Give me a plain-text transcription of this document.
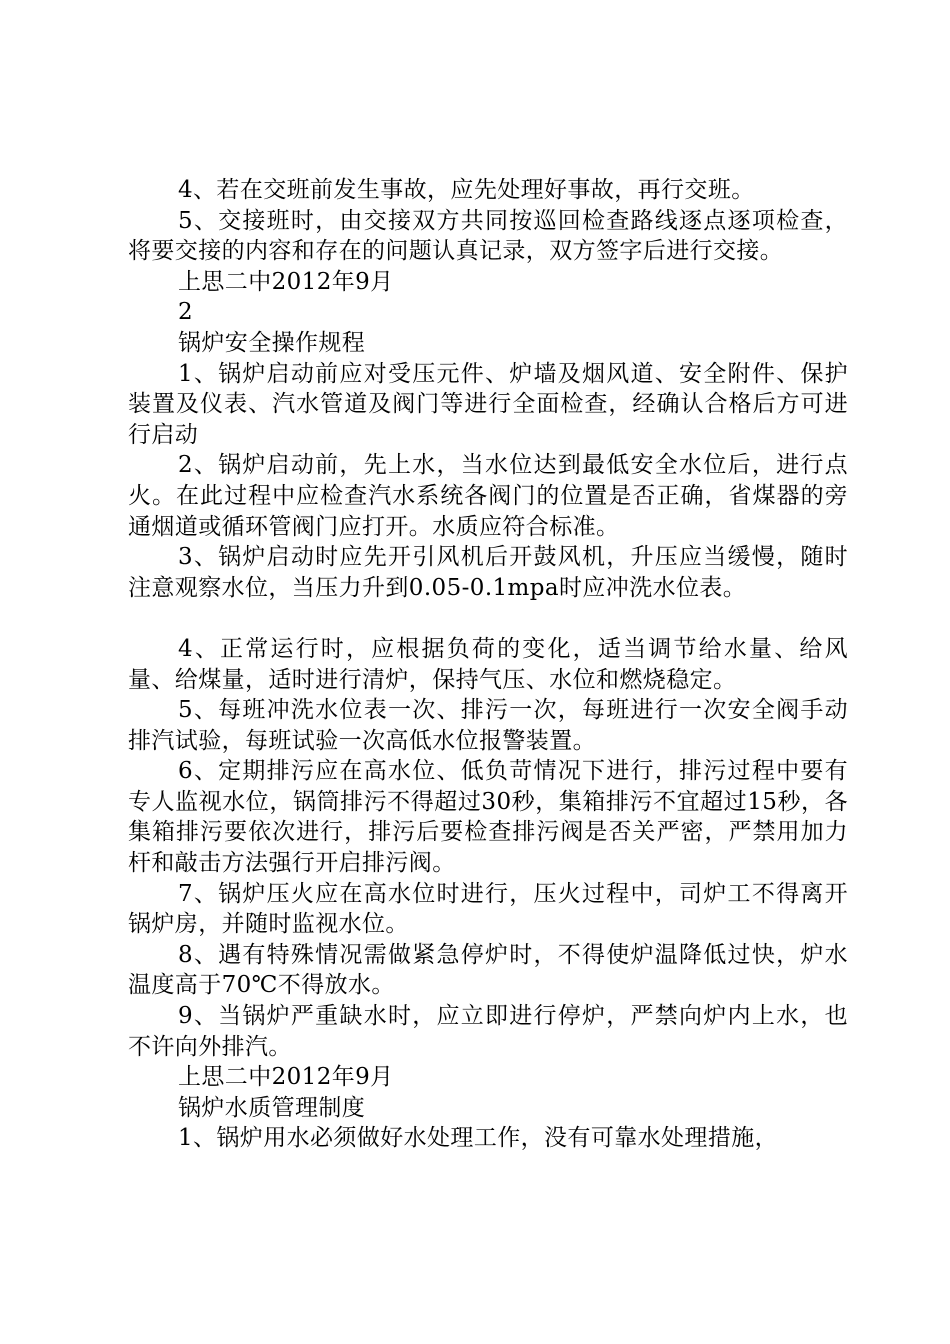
4、若在交班前发生事故，应先处理好事故，再行交班。

5、交接班时，由交接双方共同按巡回检查路线逐点逐项检查，将要交接的内容和存在的问题认真记录，双方签字后进行交接。

上思二中2012年9月

2

锅炉安全操作规程

1、锅炉启动前应对受压元件、炉墙及烟风道、安全附件、保护装置及仪表、汽水管道及阀门等进行全面检查，经确认合格后方可进行启动

2、锅炉启动前，先上水，当水位达到最低安全水位后，进行点火。在此过程中应检查汽水系统各阀门的位置是否正确，省煤器的旁通烟道或循环管阀门应打开。水质应符合标准。

3、锅炉启动时应先开引风机后开鼓风机，升压应当缓慢，随时注意观察水位，当压力升到0.05-0.1mpa时应冲洗水位表。

4、正常运行时，应根据负荷的变化，适当调节给水量、给风量、给煤量，适时进行清炉，保持气压、水位和燃烧稳定。

5、每班冲洗水位表一次、排污一次，每班进行一次安全阀手动排汽试验，每班试验一次高低水位报警装置。

6、定期排污应在高水位、低负苛情况下进行，排污过程中要有专人监视水位，锅筒排污不得超过30秒，集箱排污不宜超过15秒，各集箱排污要依次进行，排污后要检查排污阀是否关严密，严禁用加力杆和敲击方法强行开启排污阀。

7、锅炉压火应在高水位时进行，压火过程中，司炉工不得离开锅炉房，并随时监视水位。

8、遇有特殊情况需做紧急停炉时，不得使炉温降低过快，炉水温度高于70℃不得放水。

9、当锅炉严重缺水时，应立即进行停炉，严禁向炉内上水，也不许向外排汽。

上思二中2012年9月

锅炉水质管理制度

1、锅炉用水必须做好水处理工作，没有可靠水处理措施，
